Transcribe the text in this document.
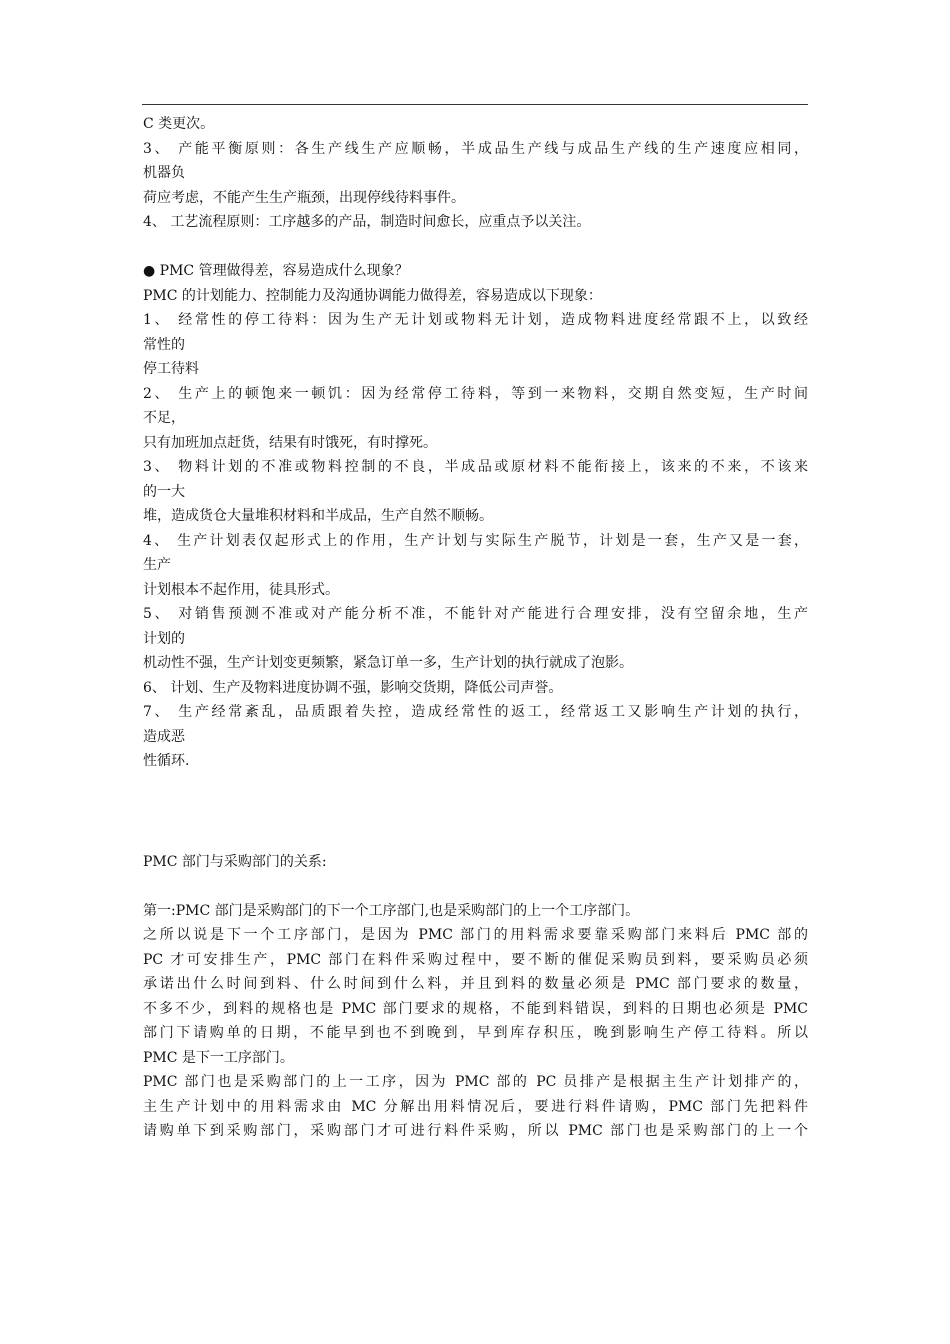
C 类更次。
3、 产能平衡原则：各生产线生产应顺畅，半成品生产线与成品生产线的生产速度应相同，
机器负
荷应考虑，不能产生生产瓶颈，出现停线待料事件。
4、 工艺流程原则：工序越多的产品，制造时间愈长，应重点予以关注。
● PMC 管理做得差，容易造成什么现象？
PMC 的计划能力、控制能力及沟通协调能力做得差，容易造成以下现象：
1、 经常性的停工待料：因为生产无计划或物料无计划，造成物料进度经常跟不上，以致经
常性的
停工待料
2、 生产上的顿饱来一顿饥：因为经常停工待料，等到一来物料，交期自然变短，生产时间
不足，
只有加班加点赶货，结果有时饿死，有时撑死。
3、 物料计划的不准或物料控制的不良，半成品或原材料不能衔接上，该来的不来，不该来
的一大
堆，造成货仓大量堆积材料和半成品，生产自然不顺畅。
4、 生产计划表仅起形式上的作用，生产计划与实际生产脱节，计划是一套，生产又是一套，
生产
计划根本不起作用，徒具形式。
5、 对销售预测不准或对产能分析不准，不能针对产能进行合理安排，没有空留余地，生产
计划的
机动性不强，生产计划变更频繁，紧急订单一多，生产计划的执行就成了泡影。
6、 计划、生产及物料进度协调不强，影响交货期，降低公司声誉。
7、 生产经常紊乱，品质跟着失控，造成经常性的返工，经常返工又影响生产计划的执行，
造成恶
性循环.
PMC 部门与采购部门的关系:
第一:PMC 部门是采购部门的下一个工序部门,也是采购部门的上一个工序部门。
之所以说是下一个工序部门，是因为 PMC 部门的用料需求要靠采购部门来料后 PMC 部的
PC 才可安排生产，PMC 部门在料件采购过程中，要不断的催促采购员到料，要采购员必须
承诺出什么时间到料、什么时间到什么料，并且到料的数量必须是 PMC 部门要求的数量，
不多不少，到料的规格也是 PMC 部门要求的规格，不能到料错误，到料的日期也必须是 PMC
部门下请购单的日期，不能早到也不到晚到，早到库存积压，晚到影响生产停工待料。所以
PMC 是下一工序部门。
PMC 部门也是采购部门的上一工序，因为 PMC 部的 PC 员排产是根据主生产计划排产的，
主生产计划中的用料需求由 MC 分解出用料情况后，要进行料件请购，PMC 部门先把料件
请购单下到采购部门，采购部门才可进行料件采购，所以 PMC 部门也是采购部门的上一个
